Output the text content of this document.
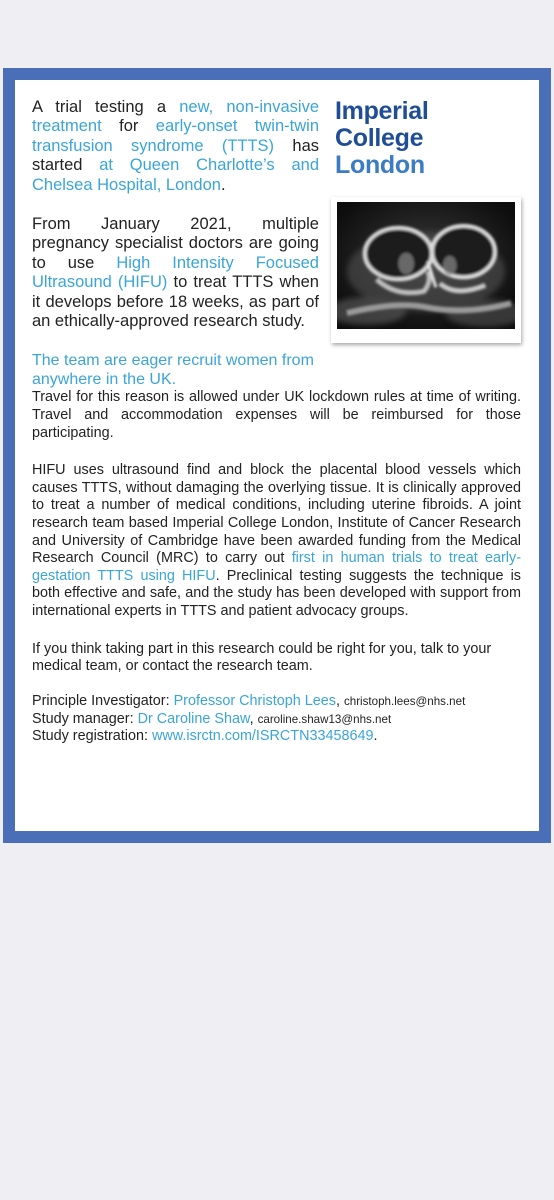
Imperial College
London

A trial testing a new, non-invasive treatment for early-onset twin-twin transfusion syndrome (TTTS) has started at Queen Charlotte’s and Chelsea Hospital, London.

From January 2021, multiple pregnancy specialist doctors are going to use High Intensity Focused Ultrasound (HIFU) to treat TTTS when it develops before 18 weeks, as part of an ethically-approved research study.

The team are eager recruit women from anywhere in the UK.

Travel for this reason is allowed under UK lockdown rules at time of writing. Travel and accommodation expenses will be reimbursed for those participating.

HIFU uses ultrasound find and block the placental blood vessels which causes TTTS, without damaging the overlying tissue. It is clinically approved to treat a number of medical conditions, including uterine fibroids. A joint research team based Imperial College London, Institute of Cancer Research and University of Cambridge have been awarded funding from the Medical Research Council (MRC) to carry out first in human trials to treat early-gestation TTTS using HIFU. Preclinical testing suggests the technique is both effective and safe, and the study has been developed with support from international experts in TTTS and patient advocacy groups.

If you think taking part in this research could be right for you, talk to your medical team, or contact the research team.

Principle Investigator: Professor Christoph Lees, christoph.lees@nhs.net
Study manager: Dr Caroline Shaw, caroline.shaw13@nhs.net
Study registration: www.isrctn.com/ISRCTN33458649.
